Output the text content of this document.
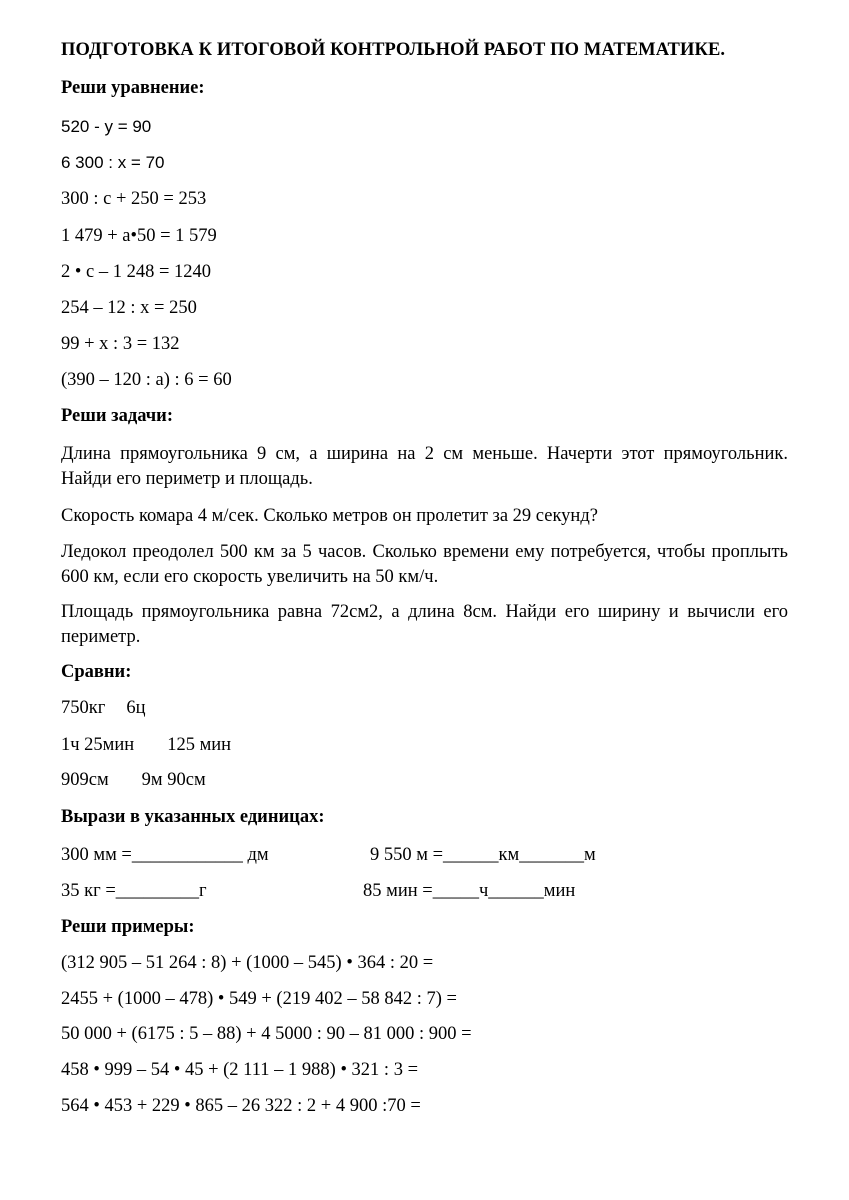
ПОДГОТОВКА К ИТОГОВОЙ КОНТРОЛЬНОЙ РАБОТ ПО МАТЕМАТИКЕ.
Реши уравнение:
520 - y = 90
6 300 : х = 70
300 : с + 250 = 253
1 479 + а•50 = 1 579
2 • с – 1 248 = 1240
254 – 12 : х = 250
99 + х : 3 = 132
(390 – 120 : а) : 6 = 60
Реши задачи:
Длина прямоугольника 9 см, а ширина на 2 см меньше. Начерти этот прямоугольник. Найди его периметр и площадь.
Скорость комара 4 м/сек. Сколько метров он пролетит за 29 секунд?
Ледокол преодолел 500 км за 5 часов. Сколько времени ему потребуется, чтобы проплыть 600 км, если его скорость увеличить на 50 км/ч.
Площадь прямоугольника равна 72см2, а длина 8см. Найди его ширину и вычисли его периметр.
Сравни:
750кг 6ц
1ч 25мин 125 мин
909см 9м 90см
Вырази в указанных единицах:
300 мм =____________ дм	9 550 м =______км_______м
35 кг =_________г	85 мин =_____ч______мин
Реши примеры:
(312 905 – 51 264 : 8) + (1000 – 545) • 364 : 20 =
2455 + (1000 – 478) • 549 + (219 402 – 58 842 : 7) =
50 000 + (6175 : 5 – 88) + 4 5000 : 90 – 81 000 : 900 =
458 • 999 – 54 • 45 + (2 111 – 1 988) • 321 : 3 =
564 • 453 + 229 • 865 – 26 322 : 2 + 4 900 :70 =
